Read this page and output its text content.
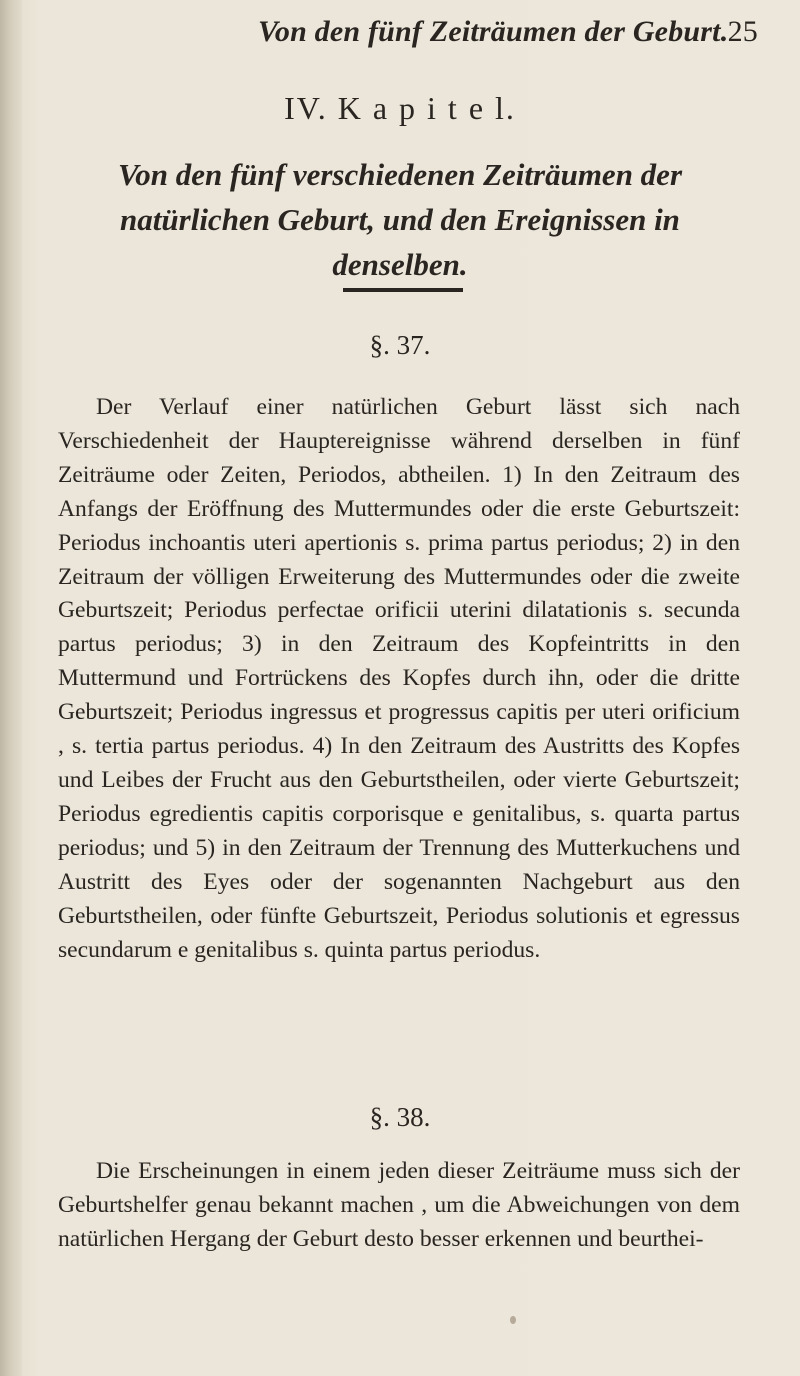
Von den fünf Zeiträumen der Geburt. 25
IV. K a p i t e l.
Von den fünf verschiedenen Zeiträumen der natürlichen Geburt, und den Ereignissen in denselben.
§. 37.

Der Verlauf einer natürlichen Geburt lässt sich nach Verschiedenheit der Hauptereignisse während derselben in fünf Zeiträume oder Zeiten, Periodos, abtheilen. 1) In den Zeitraum des Anfangs der Eröffnung des Muttermundes oder die erste Geburtszeit: Periodus inchoantis uteri apertionis s. prima partus periodus; 2) in den Zeitraum der völligen Erweiterung des Muttermundes oder die zweite Geburtszeit; Periodus perfectae orificii uterini dilatationis s. secunda partus periodus; 3) in den Zeitraum des Kopfeintritts in den Muttermund und Fortrückens des Kopfes durch ihn, oder die dritte Geburtszeit; Periodus ingressus et progressus capitis per uteri orificium , s. tertia partus periodus. 4) In den Zeitraum des Austritts des Kopfes und Leibes der Frucht aus den Geburtstheilen, oder vierte Geburtszeit; Periodus egredientis capitis corporisque e genitalibus, s. quarta partus periodus; und 5) in den Zeitraum der Trennung des Mutterkuchens und Austritt des Eyes oder der sogenannten Nachgeburt aus den Geburtstheilen, oder fünfte Geburtszeit, Periodus solutionis et egressus secundarum e genitalibus s. quinta partus periodus.

§. 38.

Die Erscheinungen in einem jeden dieser Zeiträume muss sich der Geburtshelfer genau bekannt machen , um die Abweichungen von dem natürlichen Hergang der Geburt desto besser erkennen und beurthei-
